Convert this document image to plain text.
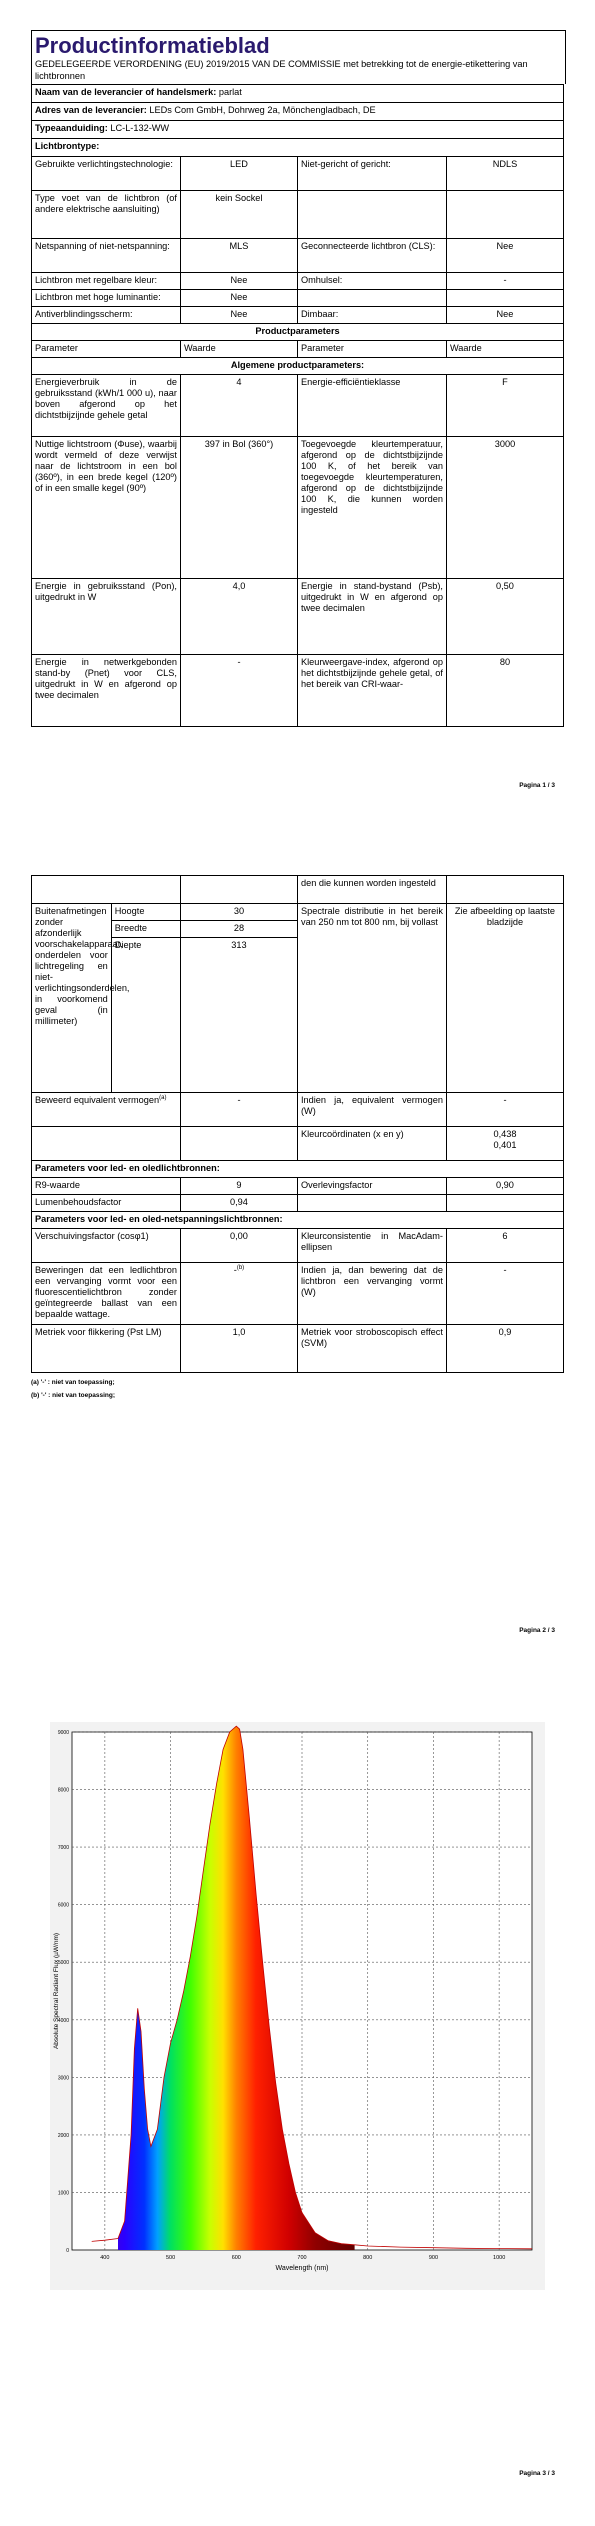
Productinformatieblad
GEDELEGEERDE VERORDENING (EU) 2019/2015 VAN DE COMMISSIE met betrekking tot de energie-etikettering van lichtbronnen
Naam van de leverancier of handelsmerk: parlat			
Adres van de leverancier: LEDs Com GmbH, Dohrweg 2a, Mönchengladbach, DE			
Typeaanduiding: LC-L-132-WW			
Lichtbrontype:			
Gebruikte verlichtingstechnologie:	LED	Niet-gericht of gericht:	NDLS
Type voet van de lichtbron (of andere elektrische aansluiting)	kein Sockel		
Netspanning of niet-netspanning:	MLS	Geconnecteerde lichtbron (CLS):	Nee
Lichtbron met regelbare kleur:	Nee	Omhulsel:	-
Lichtbron met hoge luminantie:	Nee		
Antiverblindingsscherm:	Nee	Dimbaar:	Nee
Productparameters			
Parameter	Waarde	Parameter	Waarde
Algemene productparameters:			
Energieverbruik in de gebruiksstand (kWh/1 000 u), naar boven afgerond op het dichtstbijzijnde gehele getal	4	Energie-efficiëntieklasse	F
Nuttige lichtstroom (Φuse), waarbij wordt vermeld of deze verwijst naar de lichtstroom in een bol (360º), in een brede kegel (120º) of in een smalle kegel (90º)	397 in Bol (360°)	Toegevoegde kleurtemperatuur, afgerond op de dichtstbijzijnde 100 K, of het bereik van toegevoegde kleurtemperaturen, afgerond op de dichtstbijzijnde 100 K, die kunnen worden ingesteld	3000
Energie in gebruiksstand (Pon), uitgedrukt in W	4,0	Energie in stand-bystand (Psb), uitgedrukt in W en afgerond op twee decimalen	0,50
Energie in netwerkgebonden stand-by (Pnet) voor CLS, uitgedrukt in W en afgerond op twee decimalen	-	Kleurweergave-index, afgerond op het dichtstbijzijnde gehele getal, of het bereik van CRI-waar-	80
Pagina 1 / 3
			den die kunnen worden ingesteld	
Buitenafmetingen zonder afzonderlijk voorschakelapparaat, onderdelen voor lichtregeling en niet-verlichtingsonderdelen, in voorkomend geval (in millimeter)	Hoogte	30	Spectrale distributie in het bereik van 250 nm tot 800 nm, bij vollast	Zie afbeelding op laatste bladzijde
	Breedte	28		
	Diepte	313		
Beweerd equivalent vermogen$^{(a)}$		-	Indien ja, equivalent vermogen (W)	-
			Kleurcoördinaten (x en y)	0,438
0,401

Parameters voor led- en oledlichtbronnen:				
R9-waarde		9	Overlevingsfactor	0,90
Lumenbehoudsfactor		0,94		
Parameters voor led- en oled-netspanningslichtbronnen:				
Verschuivingsfactor (cosφ1)		0,00	Kleurconsistentie in MacAdam-ellipsen	6
Beweringen dat een ledlichtbron een vervanging vormt voor een fluorescentielichtbron zonder geïntegreerde ballast van een bepaalde wattage.		-$^{(b)}$	Indien ja, dan bewering dat de lichtbron een vervanging vormt (W)	-
Metriek voor flikkering (Pst LM)		1,0	Metriek voor stroboscopisch effect (SVM)	0,9
(a) '-' : niet van toepassing;
(b) '-' : niet van toepassing;
Pagina 2 / 3
400	500	600	700	800	900	1000
0
1000
2000
3000
4000
5000
6000
7000
8000
9000
Wavelength (nm)
Absolute Spectral Radiant Flux (µW/nm)
Pagina 3 / 3
